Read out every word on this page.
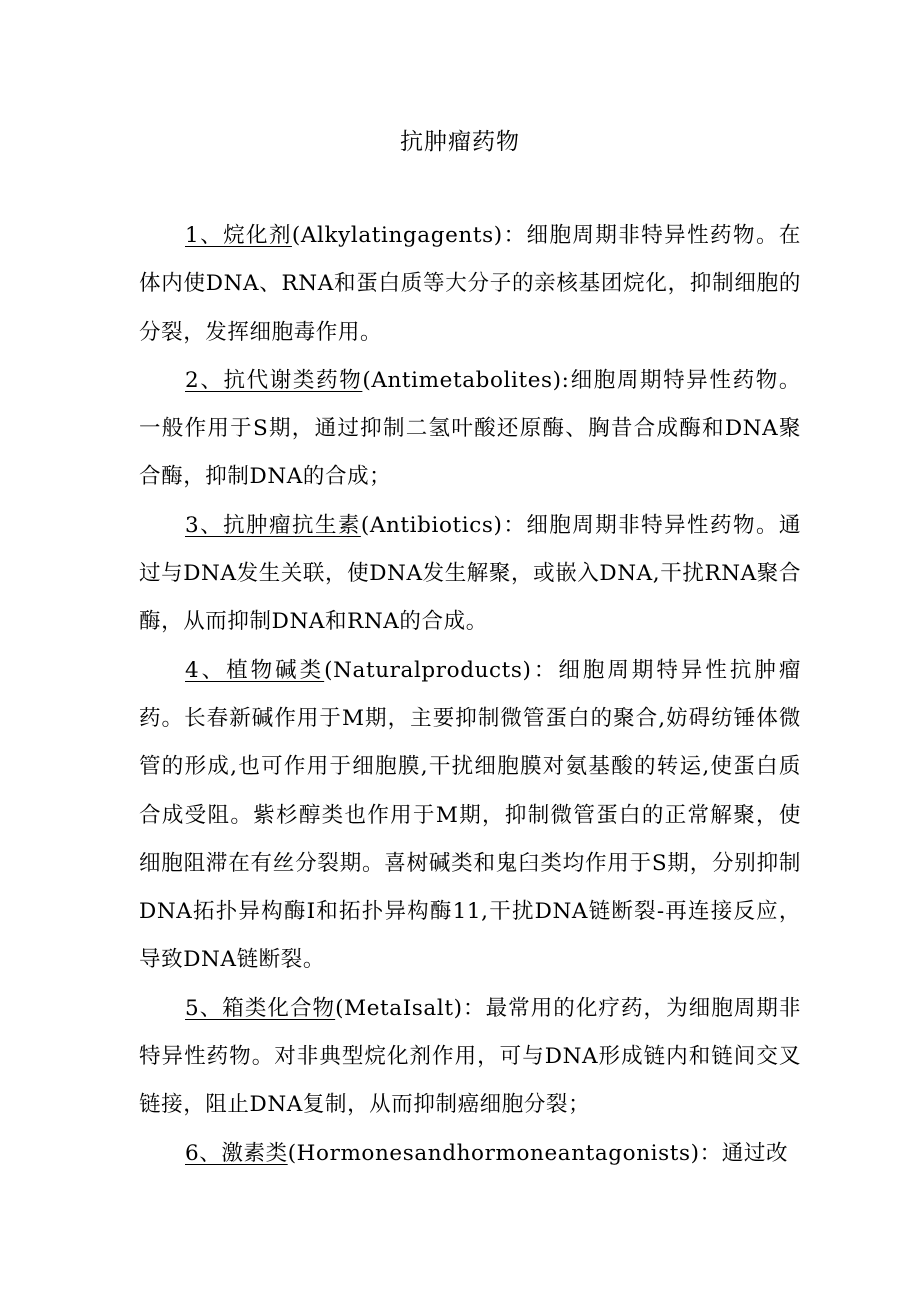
抗肿瘤药物

1、烷化剂(Alkylatingagents)：细胞周期非特异性药物。在体内使DNA、RNA和蛋白质等大分子的亲核基团烷化，抑制细胞的分裂，发挥细胞毒作用。

2、抗代谢类药物(Antimetabolites):细胞周期特异性药物。一般作用于S期，通过抑制二氢叶酸还原酶、胸昔合成酶和DNA聚合酶，抑制DNA的合成；

3、抗肿瘤抗生素(Antibiotics)：细胞周期非特异性药物。通过与DNA发生关联，使DNA发生解聚，或嵌入DNA,干扰RNA聚合酶，从而抑制DNA和RNA的合成。

4、植物碱类(Naturalproducts)：细胞周期特异性抗肿瘤药。长春新碱作用于M期，主要抑制微管蛋白的聚合,妨碍纺锤体微管的形成,也可作用于细胞膜,干扰细胞膜对氨基酸的转运,使蛋白质合成受阻。紫杉醇类也作用于M期，抑制微管蛋白的正常解聚，使细胞阻滞在有丝分裂期。喜树碱类和鬼臼类均作用于S期，分别抑制DNA拓扑异构酶I和拓扑异构酶11,干扰DNA链断裂-再连接反应，导致DNA链断裂。

5、箱类化合物(MetaIsalt)：最常用的化疗药，为细胞周期非特异性药物。对非典型烷化剂作用，可与DNA形成链内和链间交叉链接，阻止DNA复制，从而抑制癌细胞分裂；

6、激素类(Hormonesandhormoneantagonists)：通过改
